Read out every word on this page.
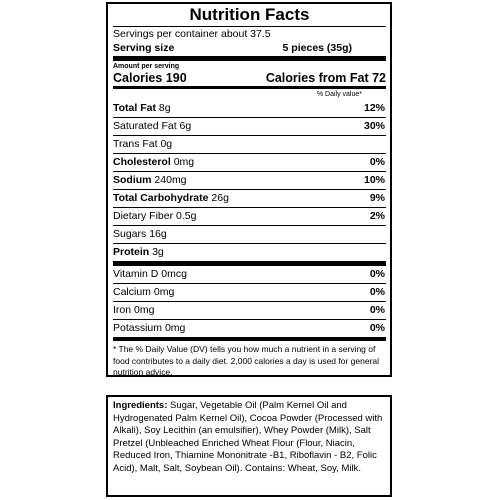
Nutrition Facts
Servings per container about 37.5
Serving size	5 pieces (35g)
Amount per serving
Calories 190	Calories from Fat 72
% Daily value*
Total Fat 8g	12%
Saturated Fat 6g	30%
Trans Fat 0g
Cholesterol 0mg	0%
Sodium 240mg	10%
Total Carbohydrate 26g	9%
Dietary Fiber 0.5g	2%
Sugars 16g
Protein 3g
Vitamin D 0mcg	0%
Calcium 0mg	0%
Iron 0mg	0%
Potassium 0mg	0%
* The % Daily Value (DV) tells you how much a nutrient in a serving of food contributes to a daily diet. 2,000 calories a day is used for general nutrition advice.
Ingredients: Sugar, Vegetable Oil (Palm Kernel Oil and Hydrogenated Palm Kernel Oil), Cocoa Powder (Processed with Alkali), Soy Lecithin (an emulsifier), Whey Powder (Milk), Salt Pretzel (Unbleached Enriched Wheat Flour (Flour, Niacin, Reduced Iron, Thiamine Mononitrate -B1, Riboflavin - B2, Folic Acid), Malt, Salt, Soybean Oil). Contains: Wheat, Soy, Milk.
